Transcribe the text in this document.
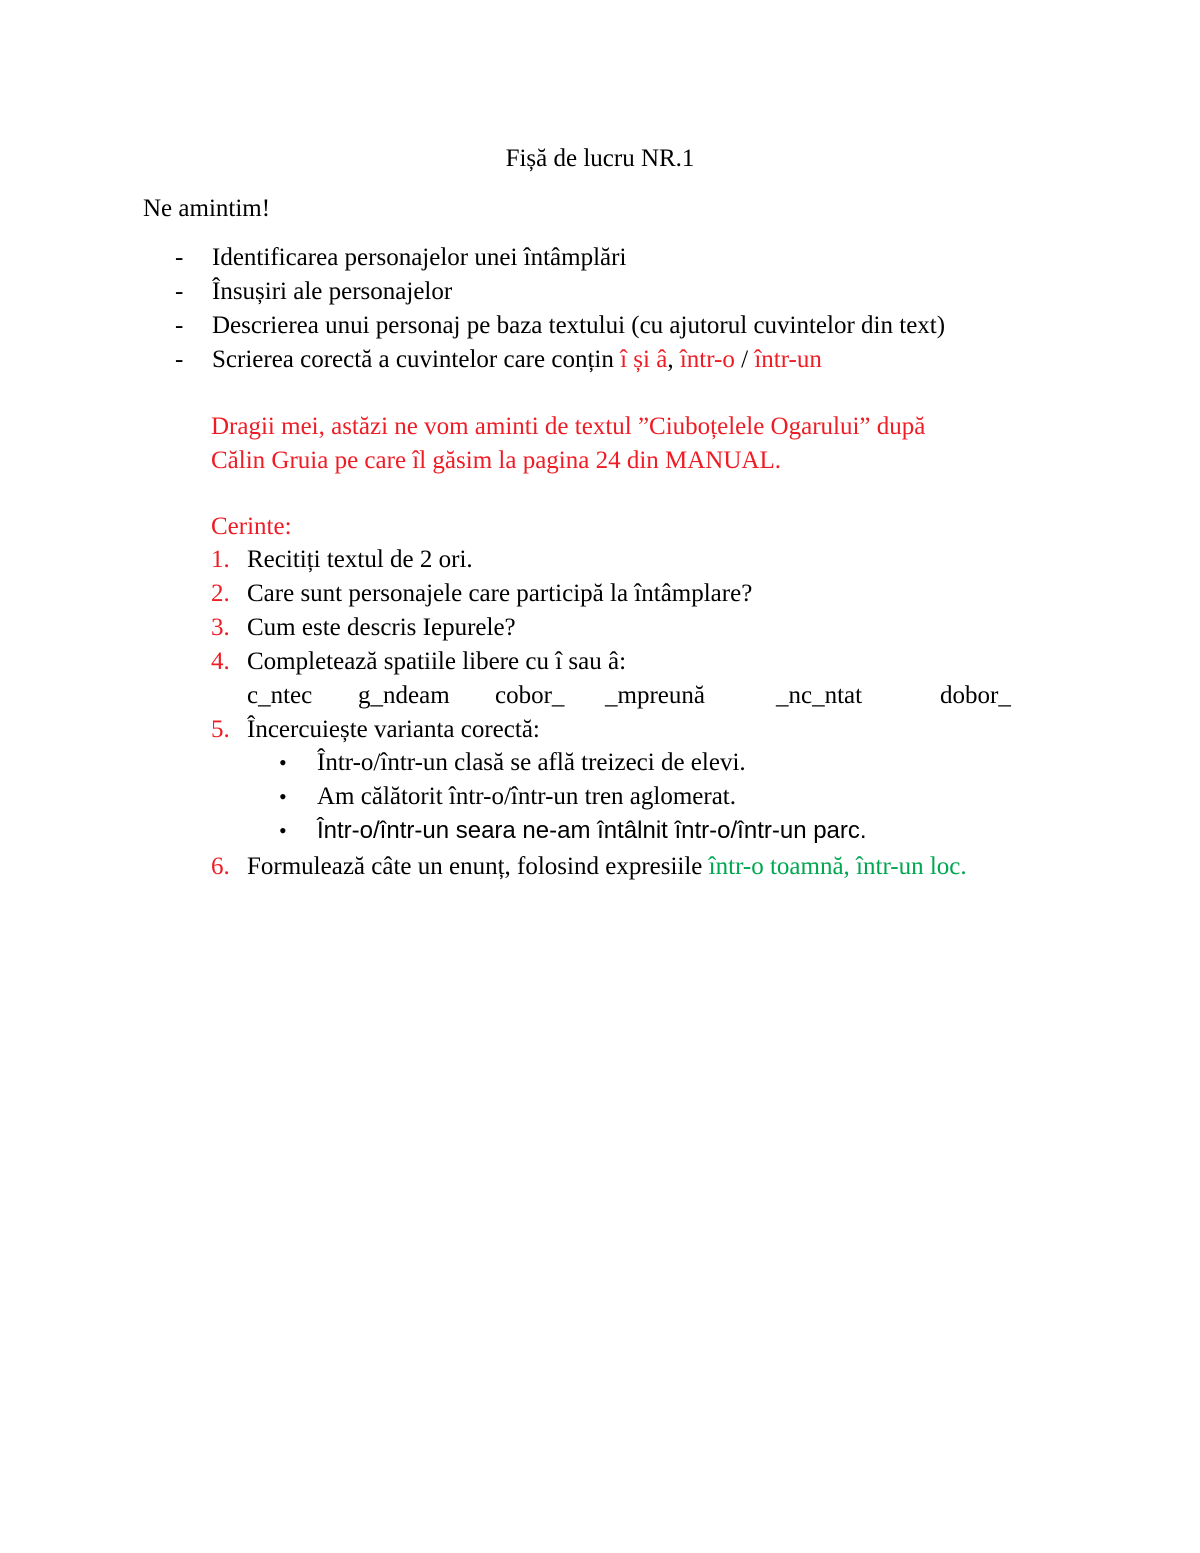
Fișă de lucru NR.1
Ne amintim!
-	Identificarea personajelor unei întâmplări
-	Însușiri ale personajelor
-	Descrierea unui personaj pe baza textului (cu ajutorul cuvintelor din text)
-	Scrierea corectă a cuvintelor care conțin î și â, într-o / într-un
Dragii mei, astăzi ne vom aminti de textul ”Ciuboțelele Ogarului” după
Călin Gruia pe care îl găsim la pagina 24 din MANUAL.
Cerinte:
1. Recitiți textul de 2 ori.
2. Care sunt personajele care participă la întâmplare?
3. Cum este descris Iepurele?
4. Completează spatiile libere cu î sau â:
5. Încercuiește varianta corectă:
c_ntec g_ndeam cobor_ _mpreună	_nc_ntat	dobor_
•	Într-o/într-un clasă se află treizeci de elevi.
•	Am călătorit într-o/într-un tren aglomerat.
•	Într-o/într-un seara ne-am întâlnit într-o/într-un parc.
6. Formulează câte un enunț, folosind expresiile într-o toamnă, într-un loc.
